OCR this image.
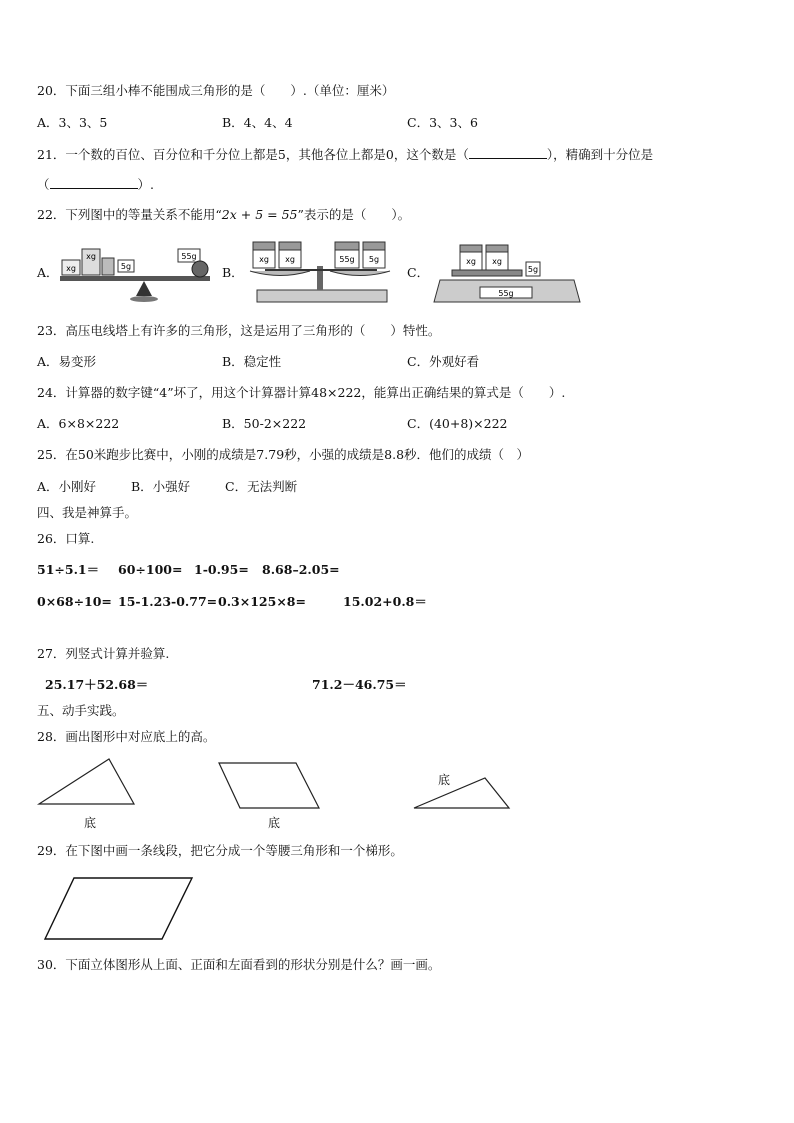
20．下面三组小棒不能围成三角形的是（　　）.（单位：厘米）
A．3、3、5	B．4、4、4	C．3、3、6
21．一个数的百位、百分位和千分位上都是5，其他各位上都是0，这个数是（	），精确到十分位是
（	）.
22．下列图中的等量关系不能用“2x + 5 = 55”表示的是（　　）。
A．	B．	C．
xg
xg
5g
55g	xg xg	55g 5g
55g
xg xg
5g
23．高压电线塔上有许多的三角形，这是运用了三角形的（　　）特性。
A．易变形	B．稳定性	C．外观好看
24．计算器的数字键“4”坏了，用这个计算器计算48×222，能算出正确结果的算式是（　　）.
A．6×8×222	B．50-2×222	C．(40+8)×222
25．在50米跑步比赛中，小刚的成绩是7.79秒，小强的成绩是8.8秒．他们的成绩（　）
A．小刚好	B．小强好	C．无法判断
四、我是神算手。
26．口算.
51÷5.1＝ 60÷100= 1-0.95= 8.68–2.05=
0×68÷10= 15-1.23-0.77= 0.3×125×8=	15.02+0.8＝
27．列竖式计算并验算.
25.17＋52.68＝	71.2－46.75＝
五、动手实践。
28．画出图形中对应底上的高。
底	底
底
29．在下图中画一条线段，把它分成一个等腰三角形和一个梯形。
30．下面立体图形从上面、正面和左面看到的形状分别是什么？画一画。
